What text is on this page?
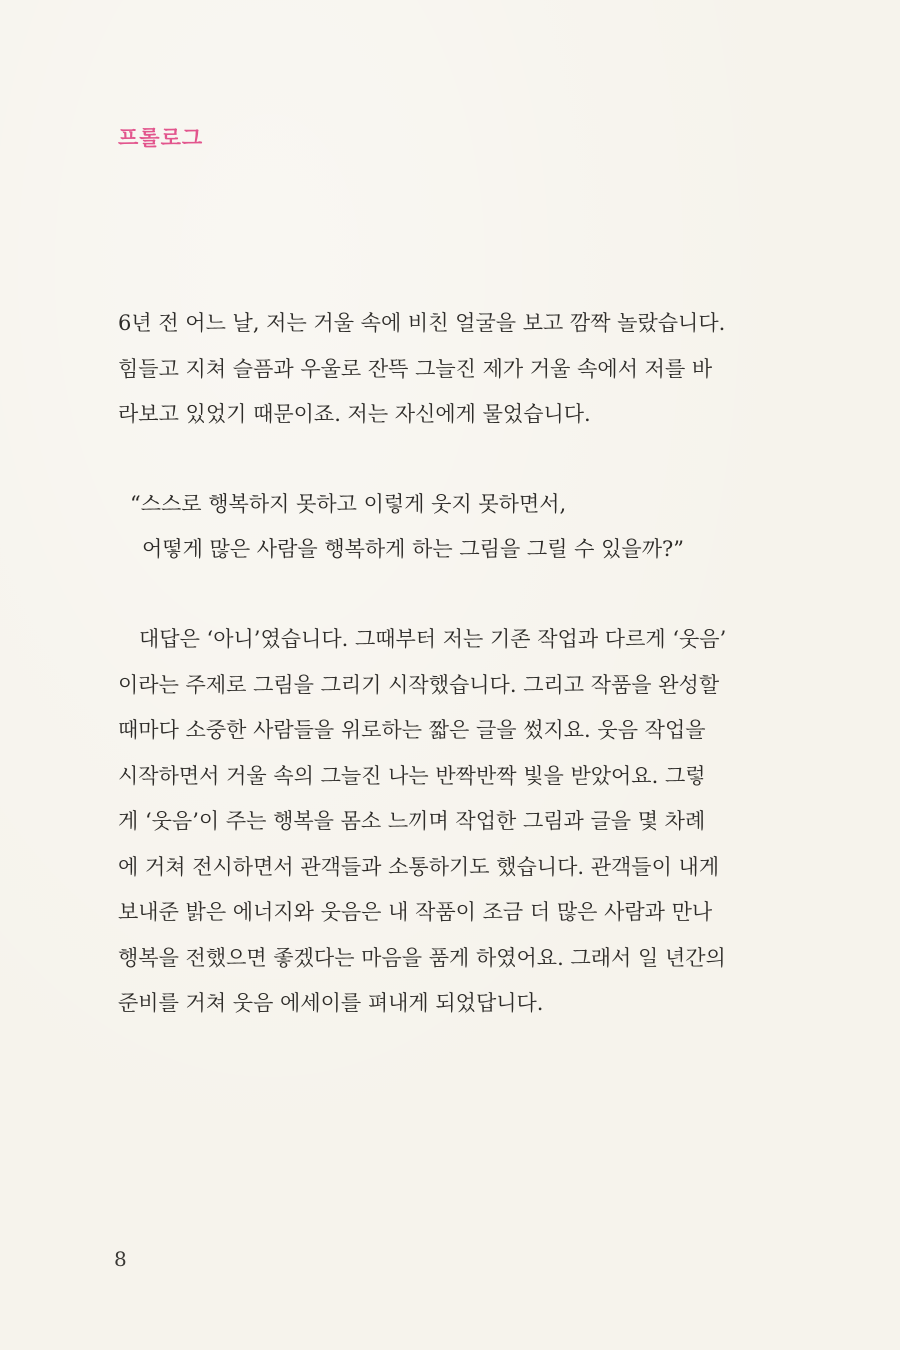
프롤로그

6년 전 어느 날, 저는 거울 속에 비친 얼굴을 보고 깜짝 놀랐습니다.
힘들고 지쳐 슬픔과 우울로 잔뜩 그늘진 제가 거울 속에서 저를 바
라보고 있었기 때문이죠. 저는 자신에게 물었습니다.

“스스로 행복하지 못하고 이렇게 웃지 못하면서,
어떻게 많은 사람을 행복하게 하는 그림을 그릴 수 있을까?”

대답은 ‘아니’였습니다. 그때부터 저는 기존 작업과 다르게 ‘웃음’
이라는 주제로 그림을 그리기 시작했습니다. 그리고 작품을 완성할
때마다 소중한 사람들을 위로하는 짧은 글을 썼지요. 웃음 작업을
시작하면서 거울 속의 그늘진 나는 반짝반짝 빛을 받았어요. 그렇
게 ‘웃음’이 주는 행복을 몸소 느끼며 작업한 그림과 글을 몇 차례
에 거쳐 전시하면서 관객들과 소통하기도 했습니다. 관객들이 내게
보내준 밝은 에너지와 웃음은 내 작품이 조금 더 많은 사람과 만나
행복을 전했으면 좋겠다는 마음을 품게 하였어요. 그래서 일 년간의
준비를 거쳐 웃음 에세이를 펴내게 되었답니다.

8
